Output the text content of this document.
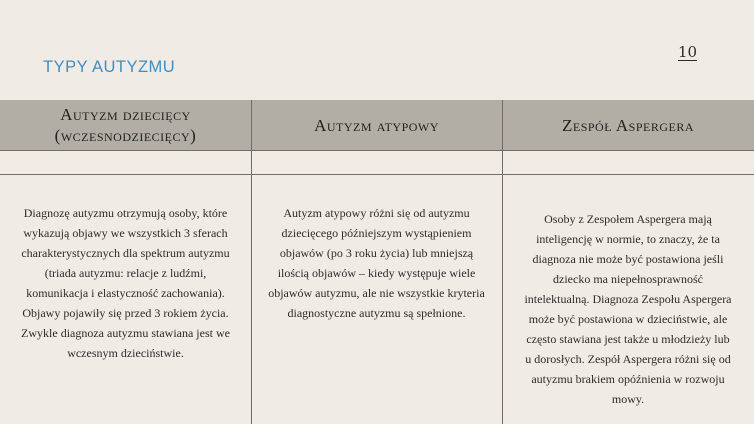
TYPY AUTYZMU
10
Autyzm dziecięcy
(wczesnodziecięcy)
Autyzm atypowy	Zespół Aspergera
Diagnozę autyzmu otrzymują osoby, które
wykazują objawy we wszystkich 3 sferach
charakterystycznych dla spektrum autyzmu
(triada autyzmu: relacje z ludźmi,
komunikacja i elastyczność zachowania).
Objawy pojawiły się przed 3 rokiem życia.
Zwykle diagnoza autyzmu stawiana jest we
wczesnym dzieciństwie.
Autyzm atypowy różni się od autyzmu
dziecięcego późniejszym wystąpieniem
objawów (po 3 roku życia) lub mniejszą
ilością objawów – kiedy występuje wiele
objawów autyzmu, ale nie wszystkie kryteria
diagnostyczne autyzmu są spełnione.
Osoby z Zespołem Aspergera mają
inteligencję w normie, to znaczy, że ta
diagnoza nie może być postawiona jeśli
dziecko ma niepełnosprawność
intelektualną. Diagnoza Zespołu Aspergera
może być postawiona w dzieciństwie, ale
często stawiana jest także u młodzieży lub
u dorosłych. Zespół Aspergera różni się od
autyzmu brakiem opóźnienia w rozwoju
mowy.
